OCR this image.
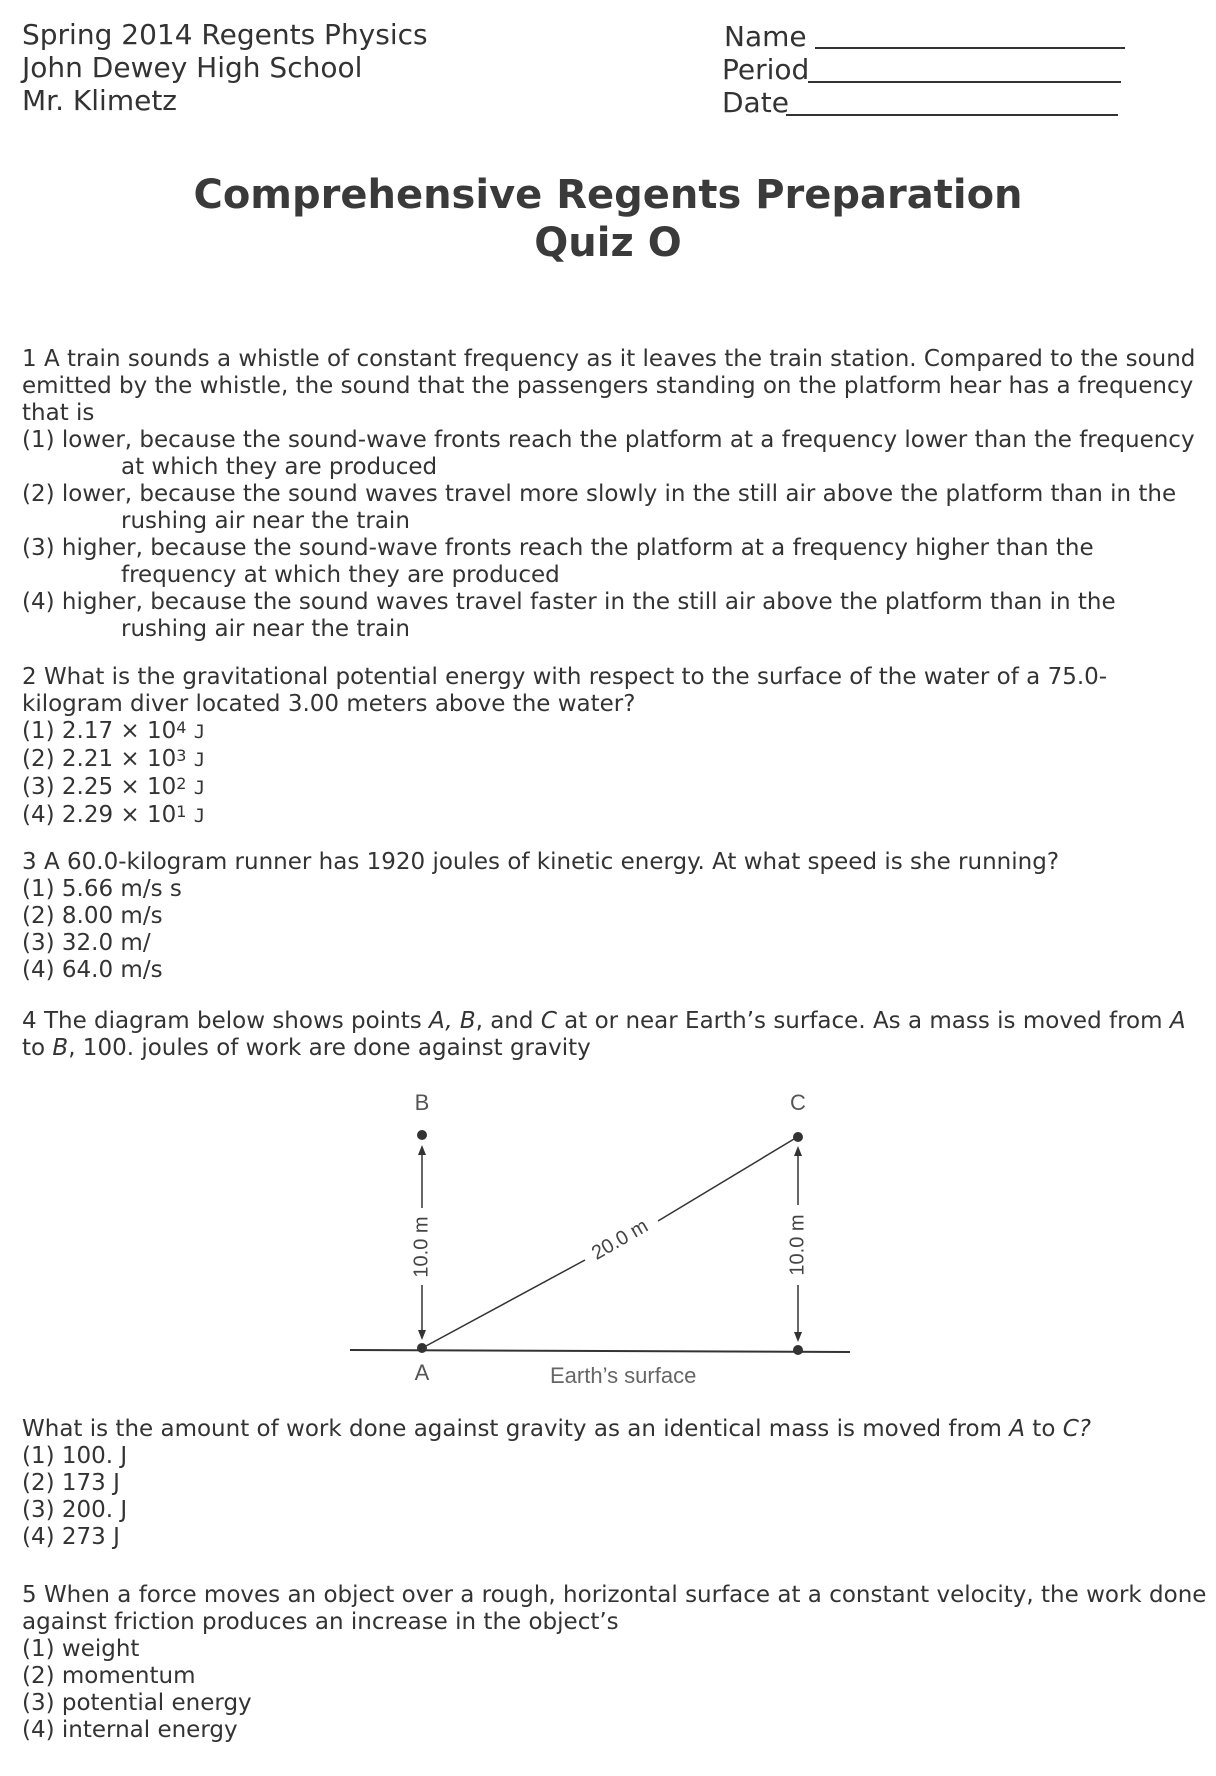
Spring 2014 Regents Physics
John Dewey High School
Mr. Klimetz
Name
Period
Date
Comprehensive Regents Preparation
Quiz O

1 A train sounds a whistle of constant frequency as it leaves the train station. Compared to the sound emitted by the whistle, the sound that the passengers standing on the platform hear has a frequency that is

(1) lower, because the sound-wave fronts reach the platform at a frequency lower than the frequency at which they are produced

(2) lower, because the sound waves travel more slowly in the still air above the platform than in the rushing air near the train

(3) higher, because the sound-wave fronts reach the platform at a frequency higher than the frequency at which they are produced

(4) higher, because the sound waves travel faster in the still air above the platform than in the rushing air near the train

2 What is the gravitational potential energy with respect to the surface of the water of a 75.0- kilogram diver located 3.00 meters above the water?

(1) $2.17 \times 10^4$ J

(2) $2.21 \times 10^3$ J

(3) $2.25 \times 10^2$ J

(4) $2.29 \times 10^1$ J

3 A 60.0-kilogram runner has 1920 joules of kinetic energy. At what speed is she running?

(1) 5.66 m/s s

(2) 8.00 m/s

(3) 32.0 m/

(4) 64.0 m/s

4 The diagram below shows points A, B, and C at or near Earth’s surface. As a mass is moved from A
to B, 100. joules of work are done against gravity

10.0 m
B
A
10.0 m
C
20.0 m
Earth’s surface

What is the amount of work done against gravity as an identical mass is moved from A to C?

(1) 100. J

(2) 173 J

(3) 200. J

(4) 273 J

5 When a force moves an object over a rough, horizontal surface at a constant velocity, the work done against friction produces an increase in the object’s

(1) weight

(2) momentum

(3) potential energy

(4) internal energy
